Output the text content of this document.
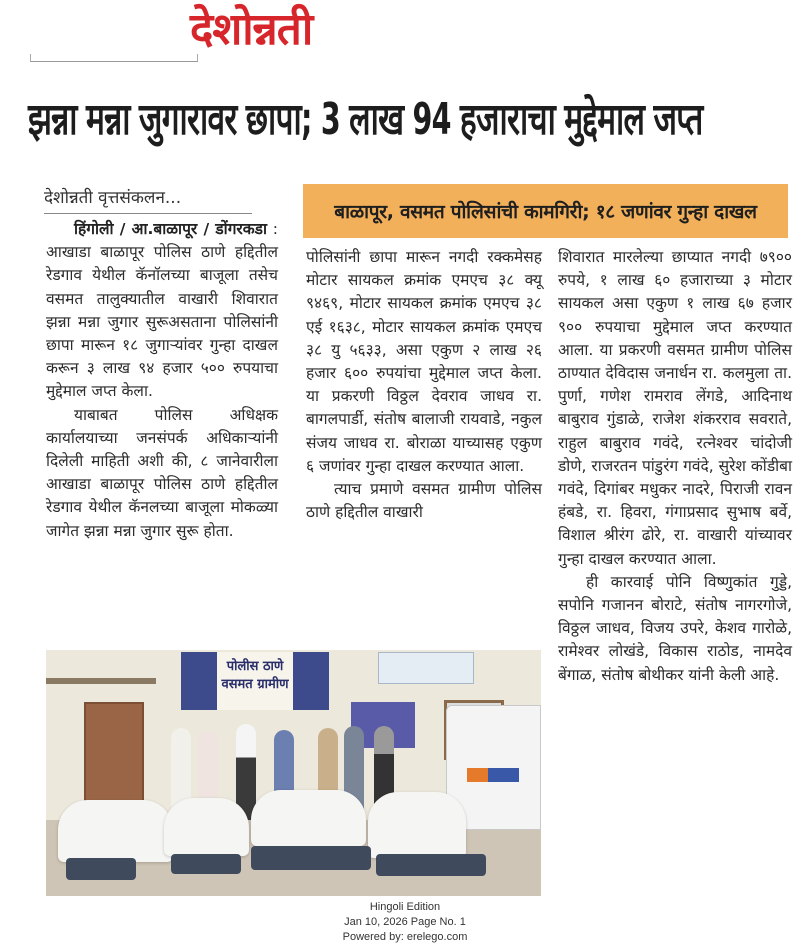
देशोन्नती
झन्ना मन्ना जुगारावर छापा; 3 लाख 94 हजाराचा मुद्देमाल जप्त
देशोन्नती वृत्तसंकलन...
बाळापूर, वसमत पोलिसांची कामगिरी; १८ जणांवर गुन्हा दाखल

हिंगोली / आ.बाळापूर / डोंगरकडा : आखाडा बाळापूर पोलिस ठाणे हद्दितील रेडगाव येथील कॅनॉलच्या बाजूला तसेच वसमत तालुक्यातील वाखारी शिवारात झन्ना मन्ना जुगार सुरूअसताना पोलिसांनी छापा मारून १८ जुगाऱ्यांवर गुन्हा दाखल करून ३ लाख ९४ हजार ५०० रुपयाचा मुद्देमाल जप्त केला.

याबाबत पोलिस अधिक्षक कार्यालयाच्या जनसंपर्क अधिकाऱ्यांनी दिलेली माहिती अशी की, ८ जानेवारीला आखाडा बाळापूर पोलिस ठाणे हद्दितील रेडगाव येथील कॅनलच्या बाजूला मोकळ्या जागेत झन्ना मन्ना जुगार सुरू होता.

पोलिसांनी छापा मारून नगदी रक्कमेसह मोटार सायकल क्रमांक एमएच ३८ क्यू ९४६९, मोटार सायकल क्रमांक एमएच ३८ एई १६३८, मोटार सायकल क्रमांक एमएच ३८ यु ५६३३, असा एकुण २ लाख २६ हजार ६०० रुपयांचा मुद्देमाल जप्त केला. या प्रकरणी विठ्ठल देवराव जाधव रा. बागलपार्डी, संतोष बालाजी रायवाडे, नकुल संजय जाधव रा. बोराळा याच्यासह एकुण ६ जणांवर गुन्हा दाखल करण्यात आला.

त्याच प्रमाणे वसमत ग्रामीण पोलिस ठाणे हद्दितील वाखारी

शिवारात मारलेल्या छाप्यात नगदी ७९०० रुपये, १ लाख ६० हजाराच्या ३ मोटार सायकल असा एकुण १ लाख ६७ हजार ९०० रुपयाचा मुद्देमाल जप्त करण्यात आला. या प्रकरणी वसमत ग्रामीण पोलिस ठाण्यात देविदास जनार्धन रा. कलमुला ता. पुर्णा, गणेश रामराव लेंगडे, आदिनाथ बाबुराव गुंडाळे, राजेश शंकरराव सवराते, राहुल बाबुराव गवंदे, रत्नेश्वर चांदोजी डोणे, राजरतन पांडुरंग गवंदे, सुरेश कोंडीबा गवंदे, दिगांबर मधुकर नादरे, पिराजी रावन हंबडे, रा. हिवरा, गंगाप्रसाद सुभाष बर्वे, विशाल श्रीरंग ढोरे, रा. वाखारी यांच्यावर गुन्हा दाखल करण्यात आला.

ही कारवाई पोनि विष्णुकांत गुड्डे, सपोनि गजानन बोराटे, संतोष नागरगोजे, विठ्ठल जाधव, विजय उपरे, केशव गारोळे, रामेश्वर लोखंडे, विकास राठोड, नामदेव बेंगाळ, संतोष बोथीकर यांनी केली आहे.

पोलीस ठाणे
वसमत ग्रामीण
Hingoli Edition
Jan 10, 2026 Page No. 1
Powered by: erelego.com
